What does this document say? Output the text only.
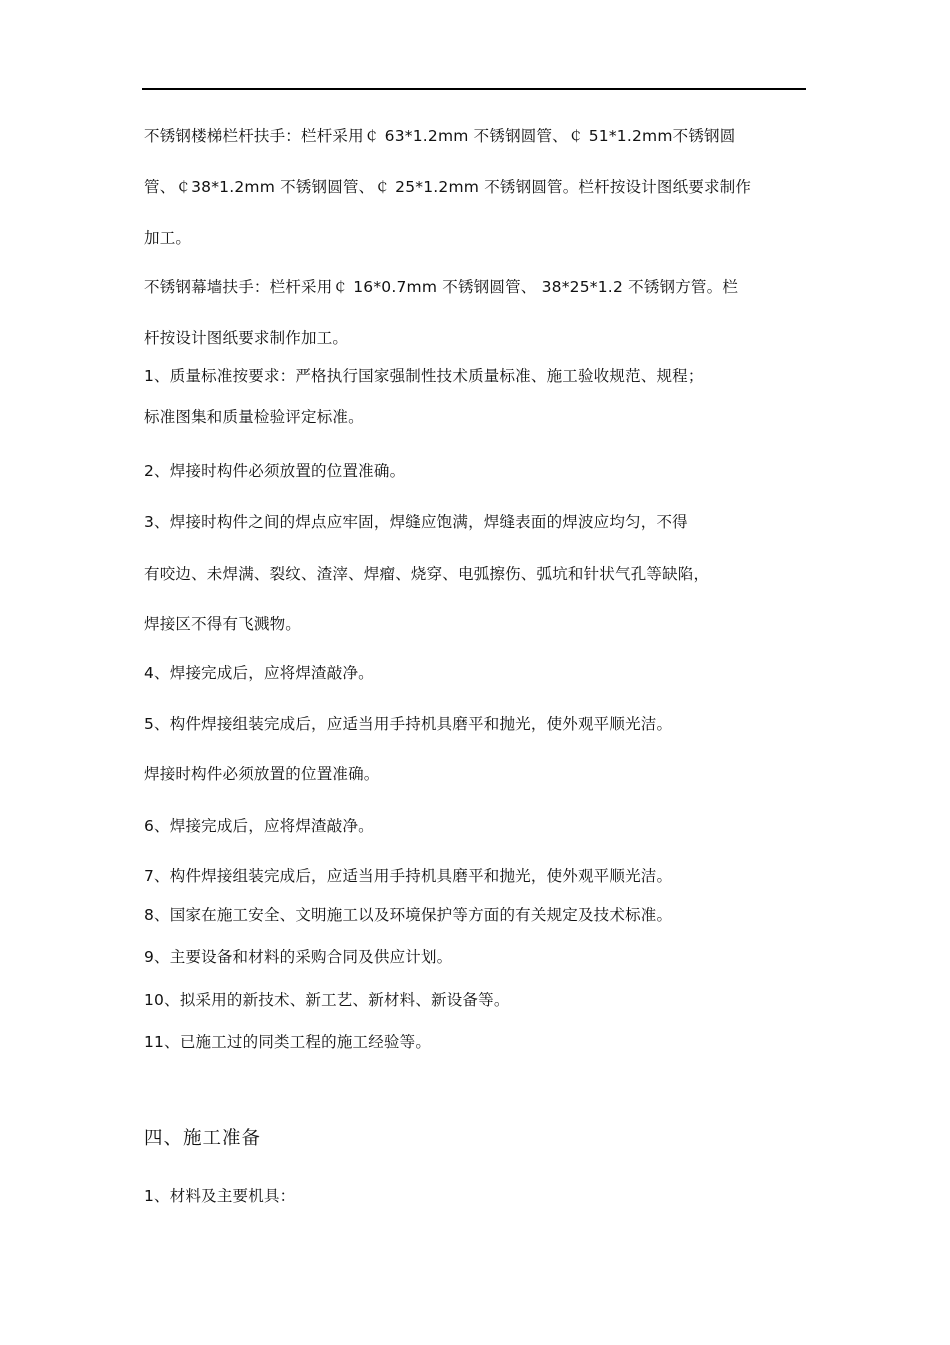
不锈钢楼梯栏杆扶手：栏杆采用￠ 63*1.2mm 不锈钢圆管、￠ 51*1.2mm不锈钢圆
管、￠38*1.2mm 不锈钢圆管、￠ 25*1.2mm 不锈钢圆管。栏杆按设计图纸要求制作
加工。
不锈钢幕墙扶手：栏杆采用￠ 16*0.7mm 不锈钢圆管、 38*25*1.2 不锈钢方管。栏
杆按设计图纸要求制作加工。
1、质量标准按要求：严格执行国家强制性技术质量标准、施工验收规范、规程；
标准图集和质量检验评定标准。
2、焊接时构件必须放置的位置准确。
3、焊接时构件之间的焊点应牢固，焊缝应饱满，焊缝表面的焊波应均匀，不得
有咬边、未焊满、裂纹、渣滓、焊瘤、烧穿、电弧擦伤、弧坑和针状气孔等缺陷，
焊接区不得有飞溅物。
4、焊接完成后，应将焊渣敲净。
5、构件焊接组装完成后，应适当用手持机具磨平和抛光，使外观平顺光洁。
焊接时构件必须放置的位置准确。
6、焊接完成后，应将焊渣敲净。
7、构件焊接组装完成后，应适当用手持机具磨平和抛光，使外观平顺光洁。
8、国家在施工安全、文明施工以及环境保护等方面的有关规定及技术标准。
9、主要设备和材料的采购合同及供应计划。
10、拟采用的新技术、新工艺、新材料、新设备等。
11、已施工过的同类工程的施工经验等。
四、施工准备
1、材料及主要机具：
